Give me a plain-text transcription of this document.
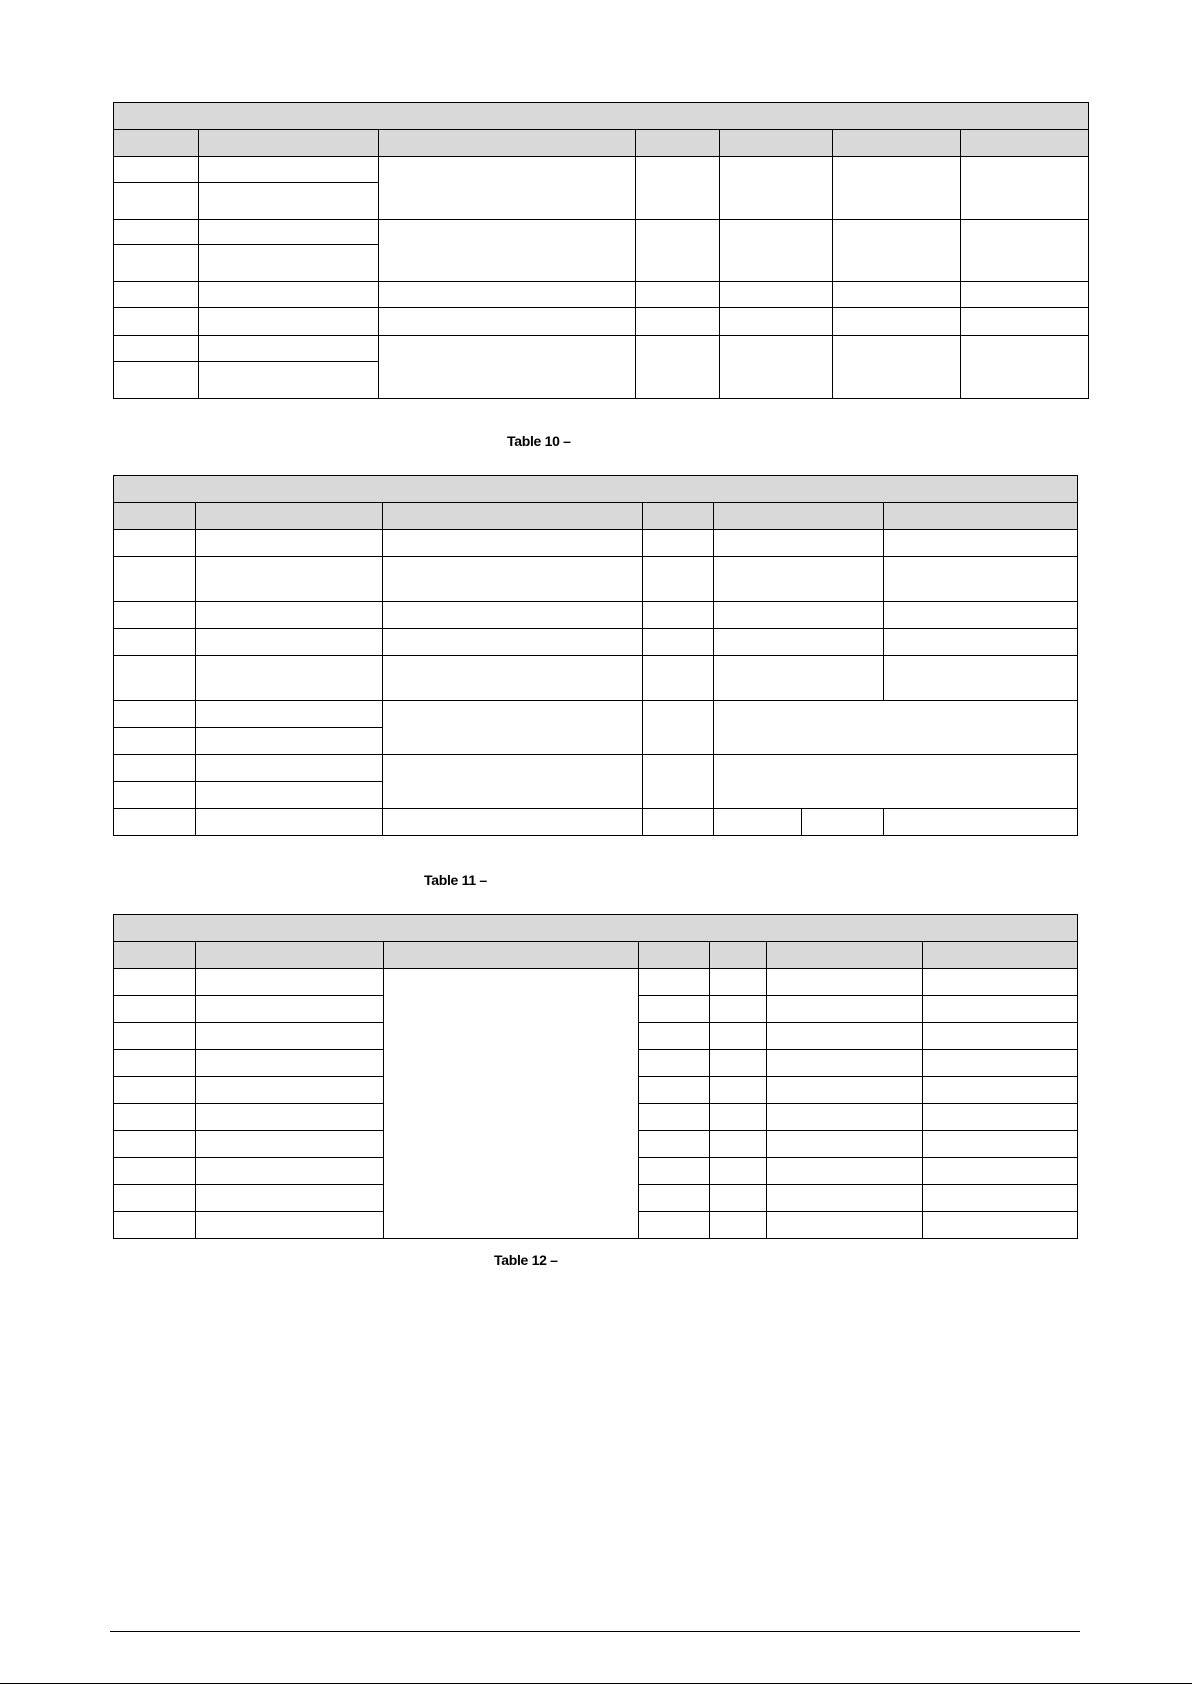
Table 10 –

Table 11 –

Table 12 –
